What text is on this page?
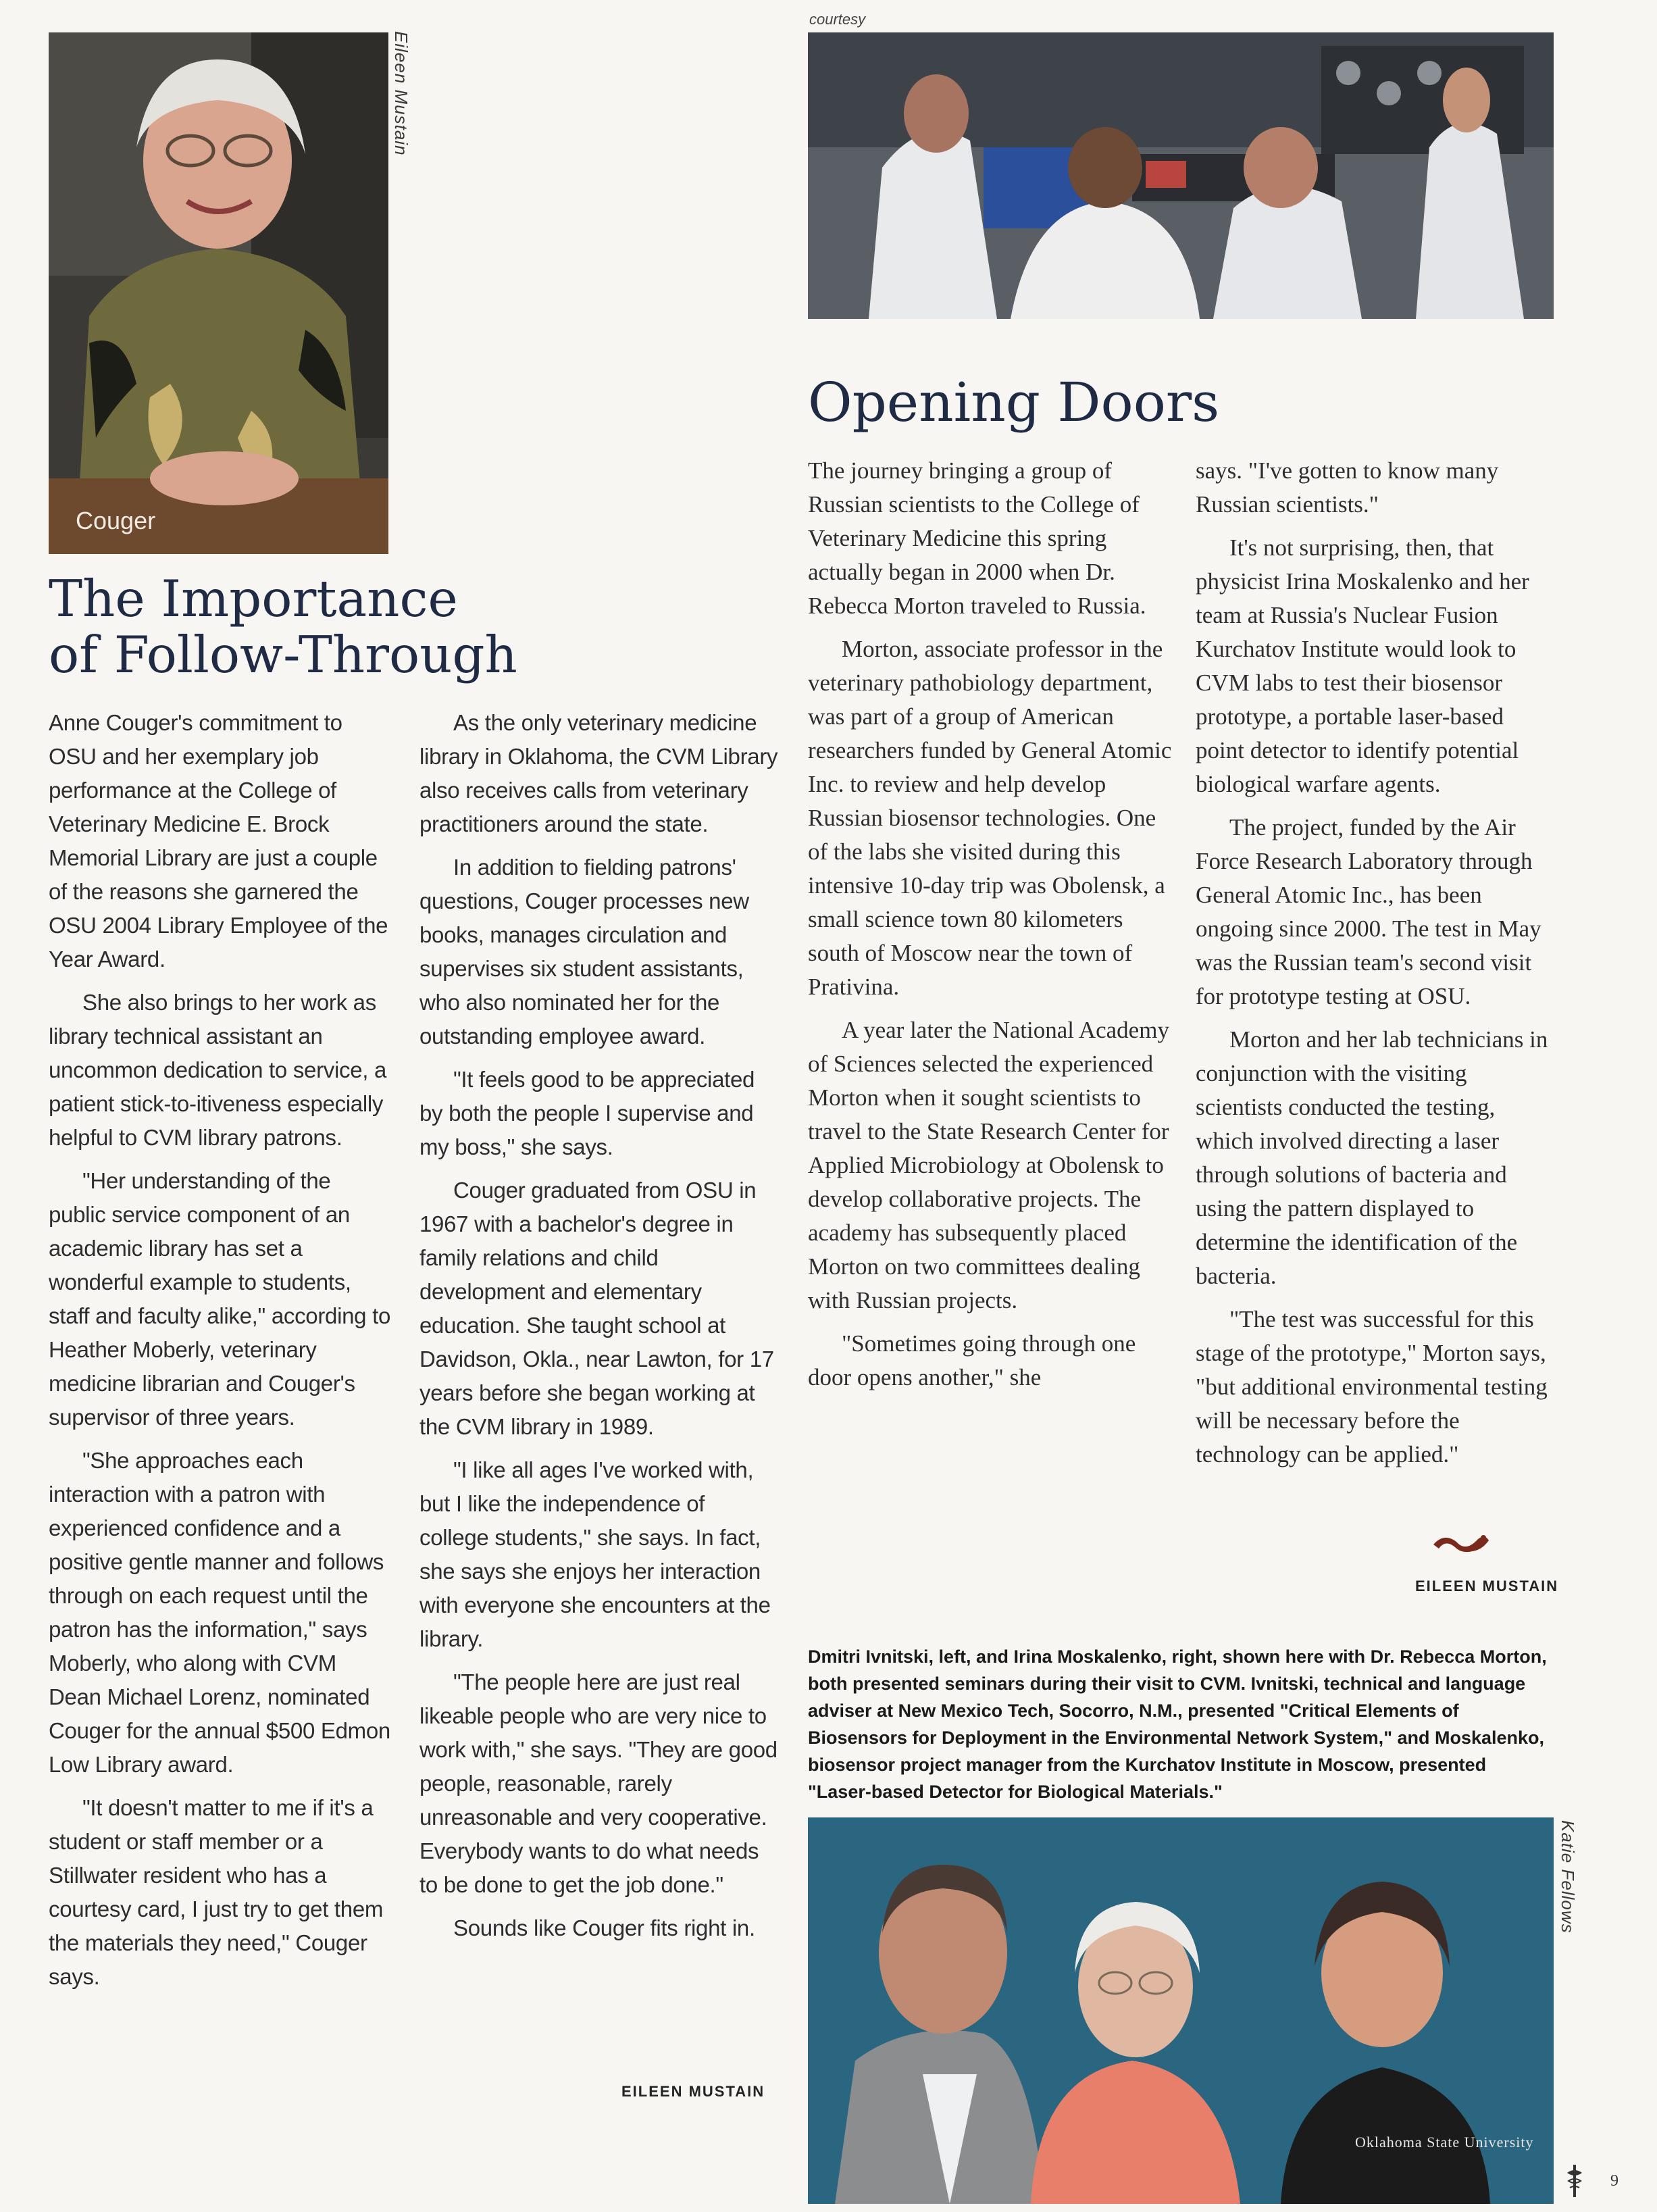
Couger
Eileen Mustain
courtesy
The Importance
of Follow-Through

Anne Couger's commitment to OSU and her exemplary job performance at the College of Veterinary Medicine E. Brock Memorial Library are just a couple of the reasons she garnered the OSU 2004 Library Employee of the Year Award.

She also brings to her work as library technical assistant an uncommon dedication to service, a patient stick-to-itiveness especially helpful to CVM library patrons.

"Her understanding of the public service component of an academic library has set a wonderful example to students, staff and faculty alike," according to Heather Moberly, veterinary medicine librarian and Couger's supervisor of three years.

"She approaches each interaction with a patron with experienced confidence and a positive gentle manner and follows through on each request until the patron has the information," says Moberly, who along with CVM Dean Michael Lorenz, nominated Couger for the annual $500 Edmon Low Library award.

"It doesn't matter to me if it's a student or staff member or a Stillwater resident who has a courtesy card, I just try to get them the materials they need," Couger says.

As the only veterinary medicine library in Oklahoma, the CVM Library also receives calls from veterinary practitioners around the state.

In addition to fielding patrons' questions, Couger processes new books, manages circulation and supervises six student assistants, who also nominated her for the outstanding employee award.

"It feels good to be appreciated by both the people I supervise and my boss," she says.

Couger graduated from OSU in 1967 with a bachelor's degree in family relations and child development and elementary education. She taught school at Davidson, Okla., near Lawton, for 17 years before she began working at the CVM library in 1989.

"I like all ages I've worked with, but I like the independence of college students," she says. In fact, she says she enjoys her interaction with everyone she encounters at the library.

"The people here are just real likeable people who are very nice to work with," she says. "They are good people, reasonable, rarely unreasonable and very cooperative. Everybody wants to do what needs to be done to get the job done."

Sounds like Couger fits right in.

EILEEN MUSTAIN
Opening Doors

The journey bringing a group of Russian scientists to the College of Veterinary Medicine this spring actually began in 2000 when Dr. Rebecca Morton traveled to Russia.

Morton, associate professor in the veterinary pathobiology department, was part of a group of American researchers funded by General Atomic Inc. to review and help develop Russian biosensor technologies. One of the labs she visited during this intensive 10-day trip was Obolensk, a small science town 80 kilometers south of Moscow near the town of Prativina.

A year later the National Academy of Sciences selected the experienced Morton when it sought scientists to travel to the State Research Center for Applied Microbiology at Obolensk to develop collaborative projects. The academy has subsequently placed Morton on two committees dealing with Russian projects.

"Sometimes going through one door opens another," she

says. "I've gotten to know many Russian scientists."

It's not surprising, then, that physicist Irina Moskalenko and her team at Russia's Nuclear Fusion Kurchatov Institute would look to CVM labs to test their biosensor prototype, a portable laser-based point detector to identify potential biological warfare agents.

The project, funded by the Air Force Research Laboratory through General Atomic Inc., has been ongoing since 2000. The test in May was the Russian team's second visit for prototype testing at OSU.

Morton and her lab technicians in conjunction with the visiting scientists conducted the testing, which involved directing a laser through solutions of bacteria and using the pattern displayed to determine the identification of the bacteria.

"The test was successful for this stage of the prototype," Morton says, "but additional environmental testing will be necessary before the technology can be applied."

EILEEN MUSTAIN
Dmitri Ivnitski, left, and Irina Moskalenko, right, shown here with Dr. Rebecca Morton, both presented seminars during their visit to CVM. Ivnitski, technical and language adviser at New Mexico Tech, Socorro, N.M., presented "Critical Elements of Biosensors for Deployment in the Environmental Network System," and Moskalenko, biosensor project manager from the Kurchatov Institute in Moscow, presented "Laser-based Detector for Biological Materials."
Oklahoma State University
Katie Fellows
9
